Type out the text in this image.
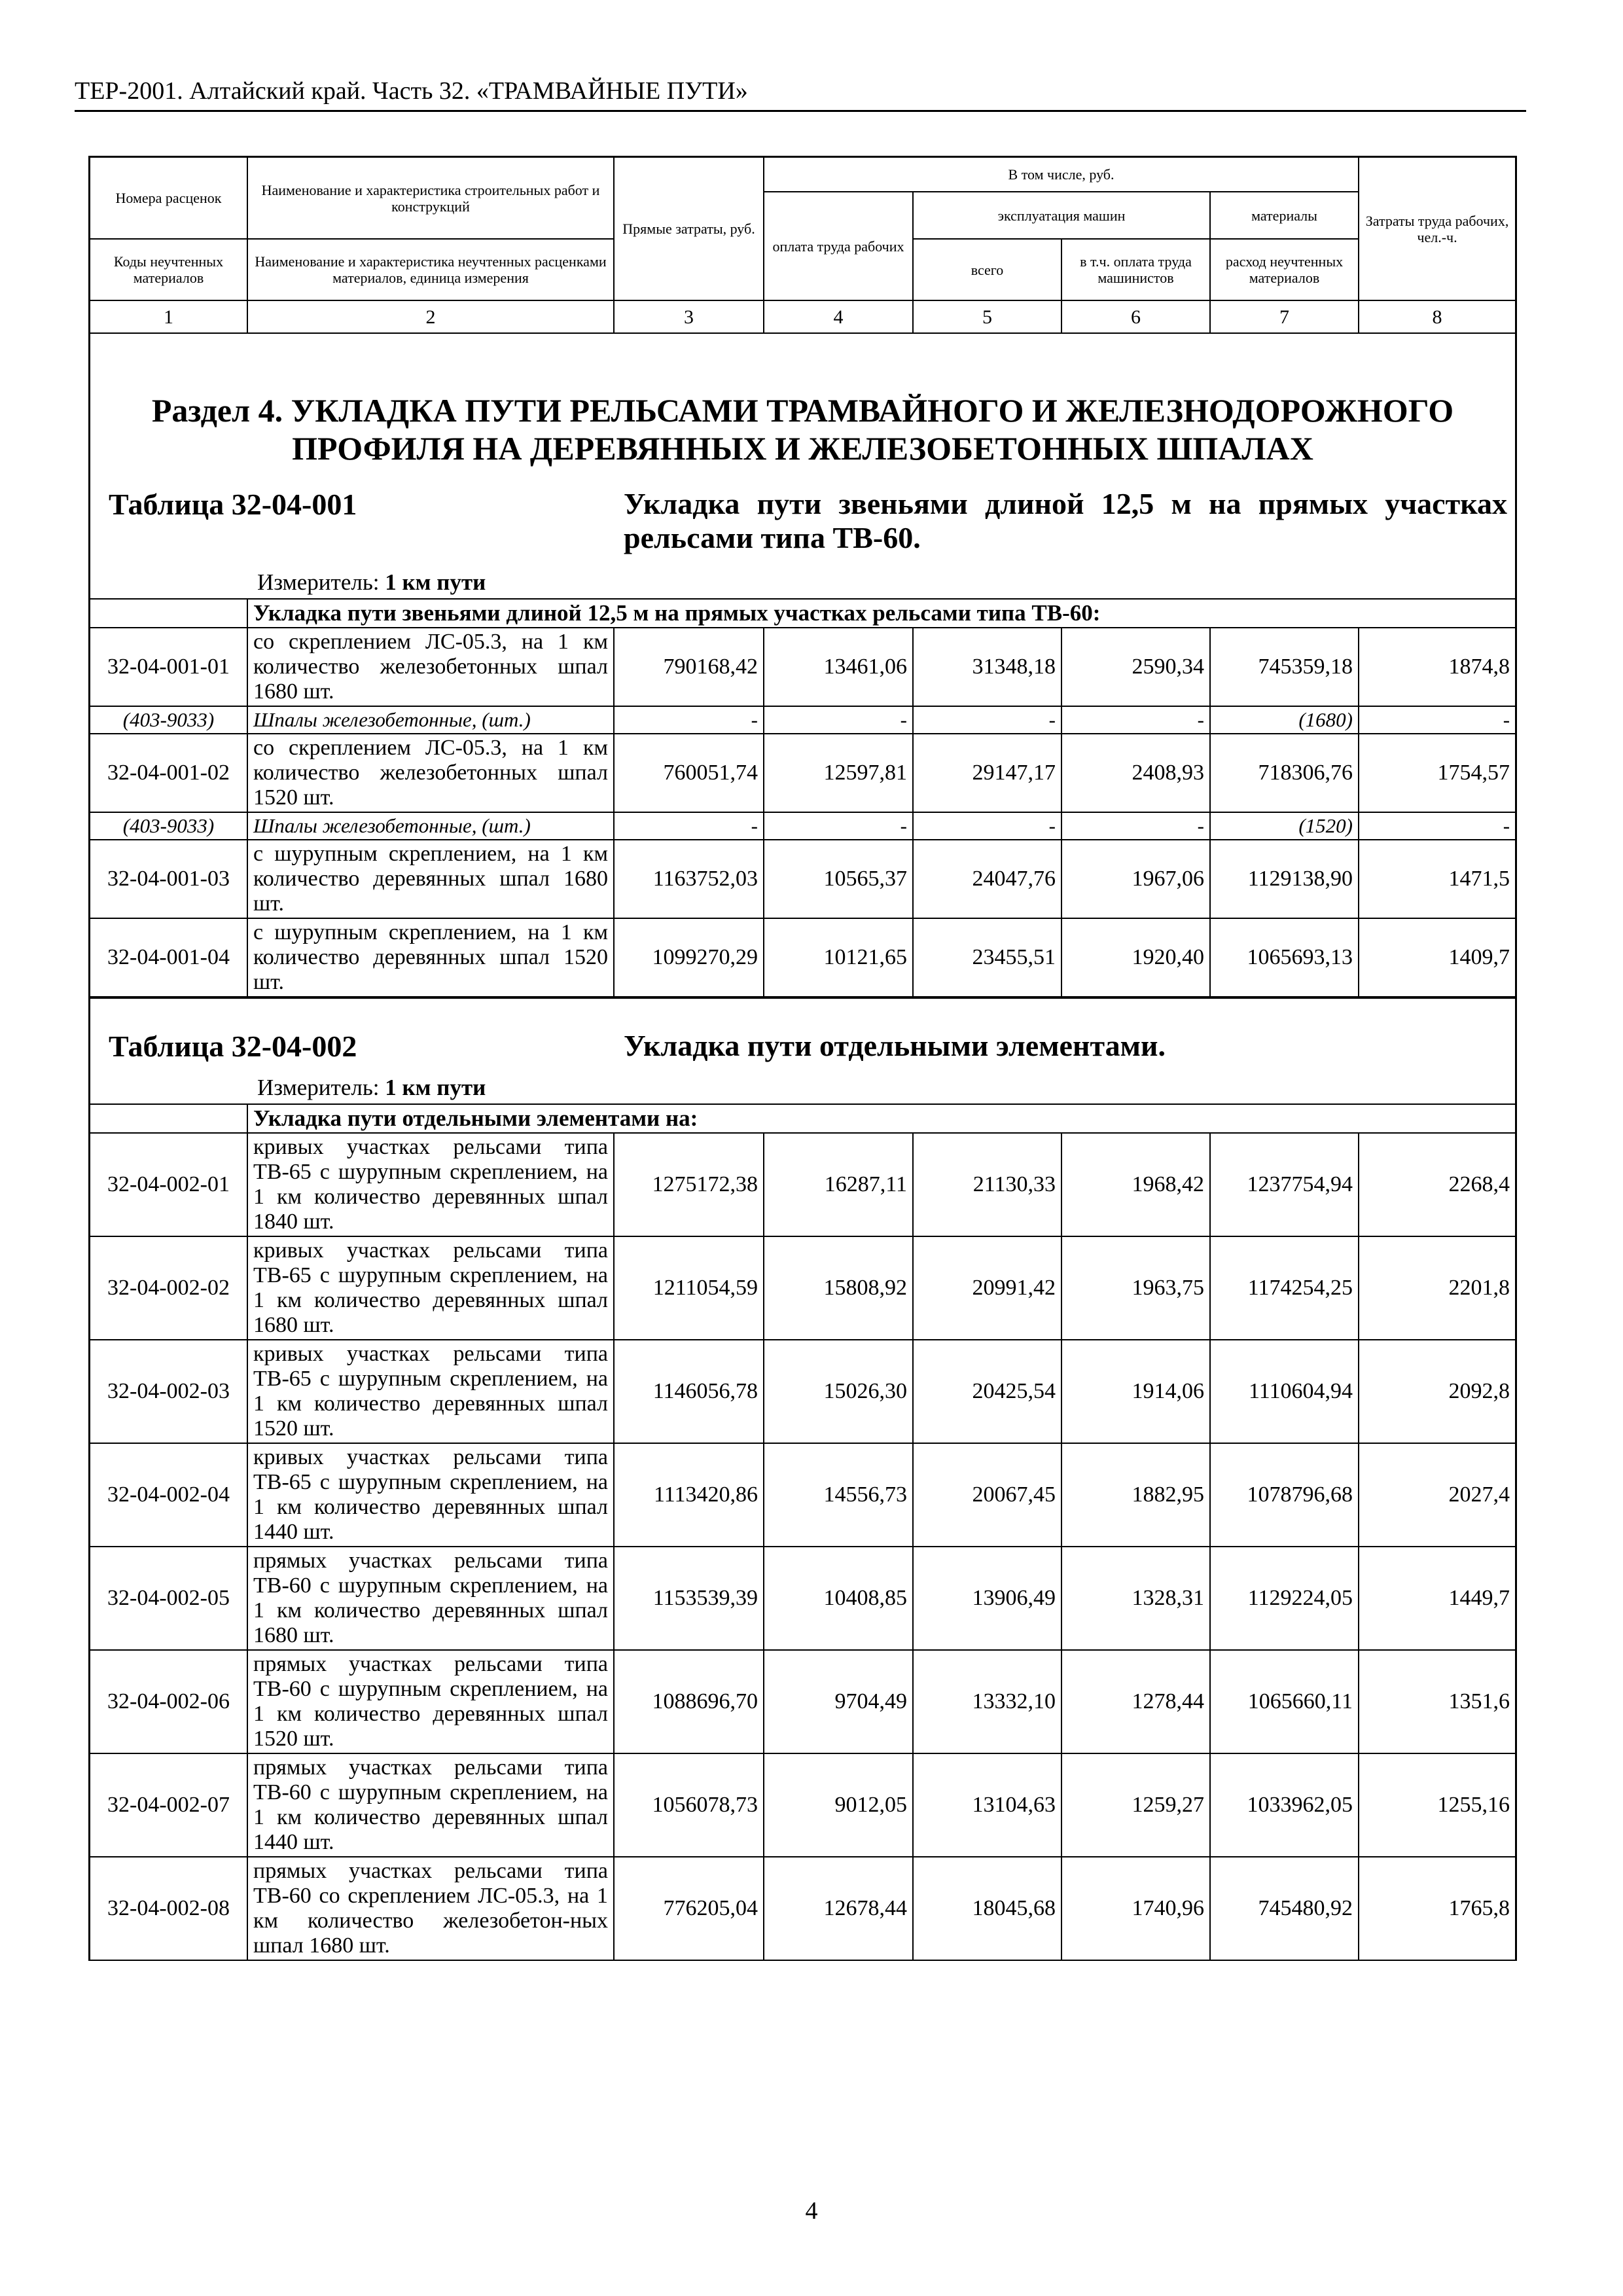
ТЕР-2001. Алтайский край. Часть 32. «ТРАМВАЙНЫЕ ПУТИ»
Номера расценок	Наименование и характеристика строительных работ и конструкций	Прямые затраты, руб.	В том числе, руб.				Затраты труда рабочих, чел.-ч.
			оплата труда рабочих	эксплуатация машин		материалы	
Коды неучтенных материалов	Наименование и характеристика неучтенных расценками материалов, единица измерения			всего	в т.ч. оплата труда машинистов	расход неучтенных материалов	
1	2	3	4	5	6	7	8
Раздел 4. УКЛАДКА ПУТИ РЕЛЬСАМИ ТРАМВАЙНОГО И ЖЕЛЕЗНОДОРОЖНОГО ПРОФИЛЯ НА ДЕРЕВЯННЫХ И ЖЕЛЕЗОБЕТОННЫХ ШПАЛАХ
Таблица 32-04-001	Укладка пути звеньями длиной 12,5 м на прямых участках рельсами типа ТВ-60.
Измеритель: 1 км пути
	Укладка пути звеньями длиной 12,5 м на прямых участках рельсами типа ТВ-60:						
32-04-001-01	со скреплением ЛС-05.3, на 1 км количество железобетонных шпал 1680 шт.	790168,42	13461,06	31348,18	2590,34	745359,18	1874,8
(403-9033)	Шпалы железобетонные, (шт.)	-	-	-	-	(1680)	-
32-04-001-02	со скреплением ЛС-05.3, на 1 км количество железобетонных шпал 1520 шт.	760051,74	12597,81	29147,17	2408,93	718306,76	1754,57
(403-9033)	Шпалы железобетонные, (шт.)	-	-	-	-	(1520)	-
32-04-001-03	с шурупным скреплением, на 1 км количество деревянных шпал 1680 шт.	1163752,03	10565,37	24047,76	1967,06	1129138,90	1471,5
32-04-001-04	с шурупным скреплением, на 1 км количество деревянных шпал 1520 шт.	1099270,29	10121,65	23455,51	1920,40	1065693,13	1409,7
Таблица 32-04-002	Укладка пути отдельными элементами.
Измеритель: 1 км пути
	Укладка пути отдельными элементами на:						
32-04-002-01	кривых участках рельсами типа ТВ-65 с шурупным скреплением, на 1 км количество деревянных шпал 1840 шт.	1275172,38	16287,11	21130,33	1968,42	1237754,94	2268,4
32-04-002-02	кривых участках рельсами типа ТВ-65 с шурупным скреплением, на 1 км количество деревянных шпал 1680 шт.	1211054,59	15808,92	20991,42	1963,75	1174254,25	2201,8
32-04-002-03	кривых участках рельсами типа ТВ-65 с шурупным скреплением, на 1 км количество деревянных шпал 1520 шт.	1146056,78	15026,30	20425,54	1914,06	1110604,94	2092,8
32-04-002-04	кривых участках рельсами типа ТВ-65 с шурупным скреплением, на 1 км количество деревянных шпал 1440 шт.	1113420,86	14556,73	20067,45	1882,95	1078796,68	2027,4
32-04-002-05	прямых участках рельсами типа ТВ-60 с шурупным скреплением, на 1 км количество деревянных шпал 1680 шт.	1153539,39	10408,85	13906,49	1328,31	1129224,05	1449,7
32-04-002-06	прямых участках рельсами типа ТВ-60 с шурупным скреплением, на 1 км количество деревянных шпал 1520 шт.	1088696,70	9704,49	13332,10	1278,44	1065660,11	1351,6
32-04-002-07	прямых участках рельсами типа ТВ-60 с шурупным скреплением, на 1 км количество деревянных шпал 1440 шт.	1056078,73	9012,05	13104,63	1259,27	1033962,05	1255,16
32-04-002-08	прямых участках рельсами типа ТВ-60 со скреплением ЛС-05.3, на 1 км количество железобетон-ных шпал 1680 шт.	776205,04	12678,44	18045,68	1740,96	745480,92	1765,8
4
